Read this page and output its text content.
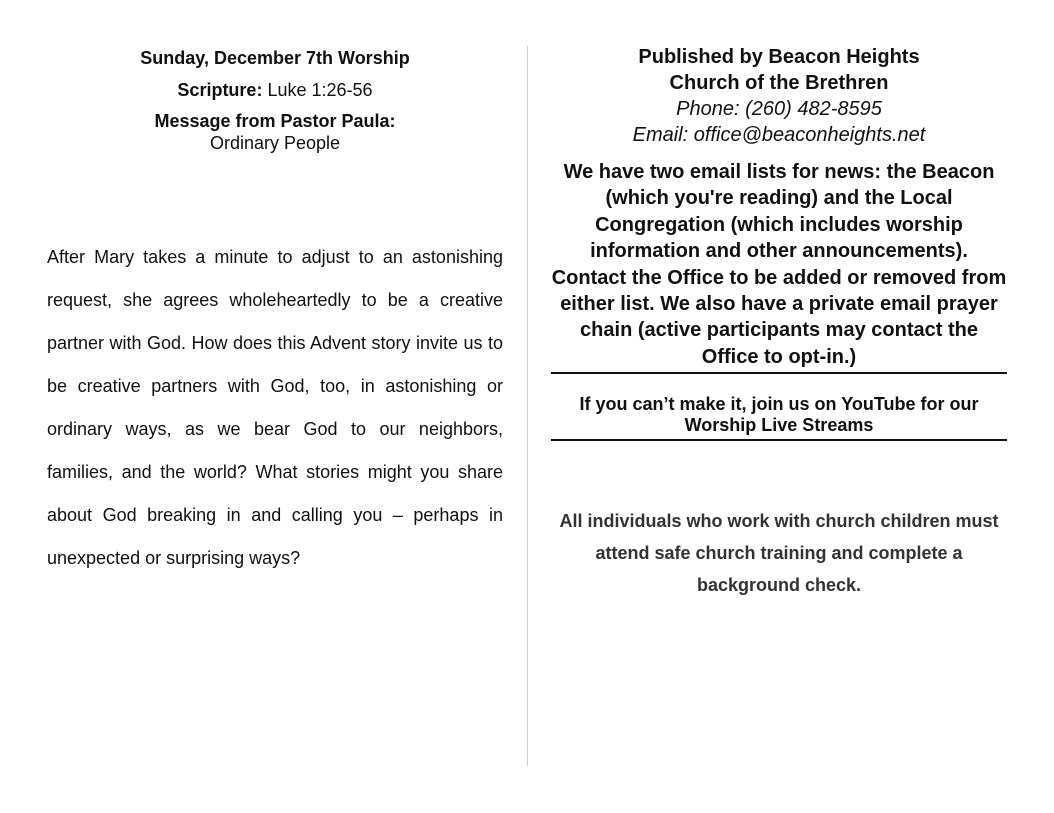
Sunday, December 7th Worship

Scripture: Luke 1:26-56

Message from Pastor Paula:

Ordinary People

After Mary takes a minute to adjust to an astonishing request, she agrees wholeheartedly to be a creative partner with God. How does this Advent story invite us to be creative partners with God, too, in astonishing or ordinary ways, as we bear God to our neighbors, families, and the world? What stories might you share about God breaking in and calling you – perhaps in unexpected or surprising ways?

Published by Beacon Heights

Church of the Brethren

Phone: (260) 482-8595

Email: office@beaconheights.net

We have two email lists for news: the Beacon (which you're reading) and the Local Congregation (which includes worship information and other announcements). Contact the Office to be added or removed from either list. We also have a private email prayer chain (active participants may contact the Office to opt-in.)

If you can’t make it, join us on YouTube for our
Worship Live Streams
All individuals who work with church children must attend safe church training and complete a background check.
